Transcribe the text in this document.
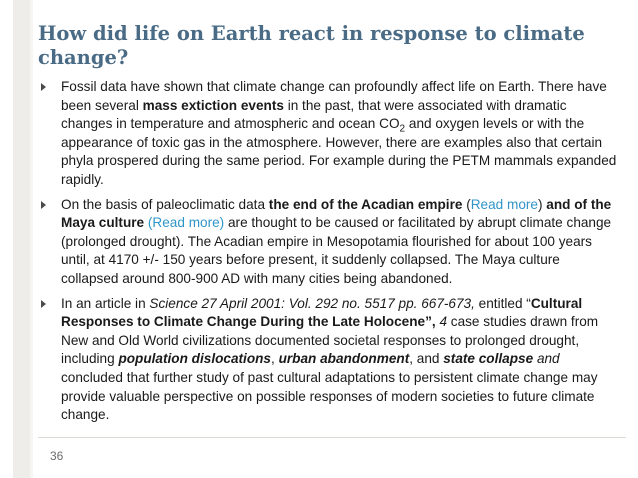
How did life on Earth react in response to climate change?
Fossil data have shown that climate change can profoundly affect life on Earth. There have been several mass extiction events in the past, that were associated with dramatic changes in temperature and atmospheric and ocean $CO_2$ and oxygen levels or with the appearance of toxic gas in the atmosphere. However, there are examples also that certain phyla prospered during the same period. For example during the PETM mammals expanded rapidly.
On the basis of paleoclimatic data the end of the Acadian empire (Read more) and of the Maya culture (Read more) are thought to be caused or facilitated by abrupt climate change (prolonged drought). The Acadian empire in Mesopotamia flourished for about 100 years until, at 4170 +/- 150 years before present, it suddenly collapsed. The Maya culture collapsed around 800-900 AD with many cities being abandoned.
In an article in Science 27 April 2001: Vol. 292 no. 5517 pp. 667-673, entitled “Cultural Responses to Climate Change During the Late Holocene”, 4 case studies drawn from New and Old World civilizations documented societal responses to prolonged drought, including population dislocations, urban abandonment, and state collapse and concluded that further study of past cultural adaptations to persistent climate change may provide valuable perspective on possible responses of modern societies to future climate change.
36
